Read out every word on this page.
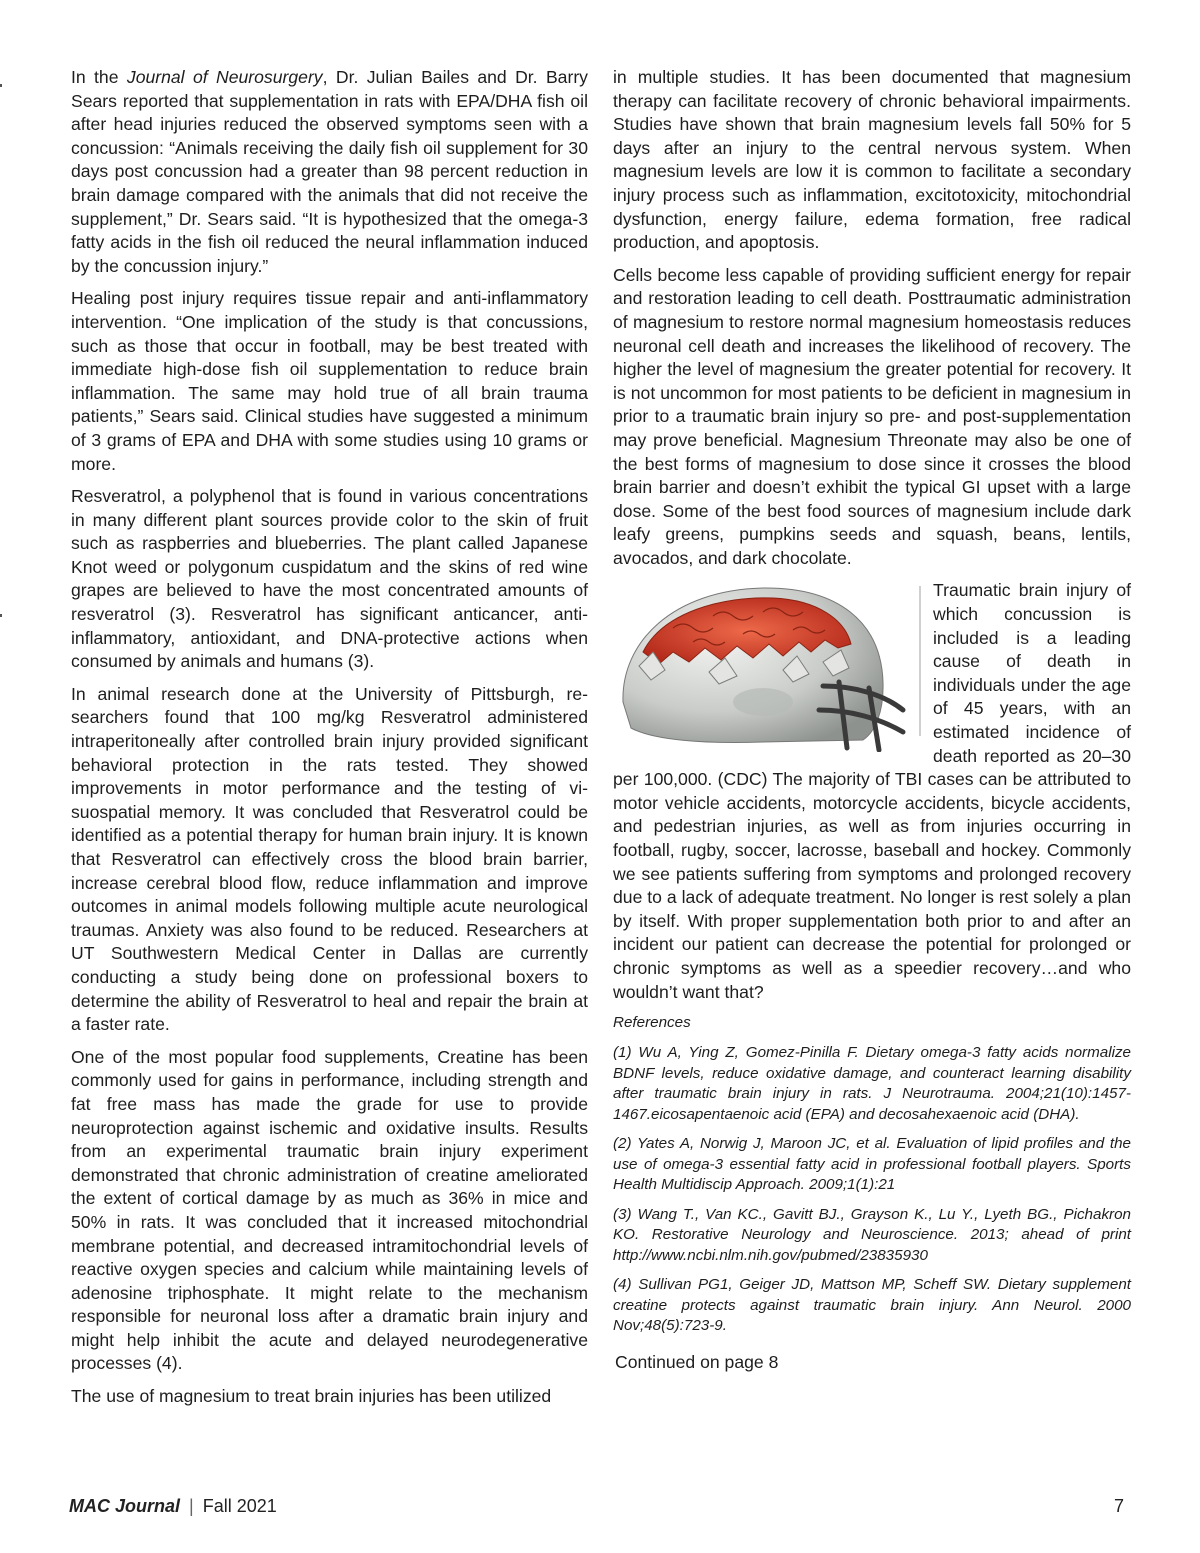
In the Journal of Neurosurgery, Dr. Julian Bailes and Dr. Barry Sears reported that supplementation in rats with EPA/DHA fish oil after head injuries reduced the observed symptoms seen with a concussion: “Animals receiving the daily fish oil supplement for 30 days post concussion had a greater than 98 percent reduction in brain damage compared with the animals that did not receive the supplement,” Dr. Sears said. “It is hypothesized that the omega-3 fatty acids in the fish oil reduced the neural inflammation induced by the concussion injury.”

Healing post injury requires tissue repair and anti-inflammatory intervention. “One implication of the study is that concussions, such as those that occur in football, may be best treated with immediate high-dose fish oil supplementation to reduce brain inflammation. The same may hold true of all brain trauma patients,” Sears said. Clinical studies have suggested a minimum of 3 grams of EPA and DHA with some studies using 10 grams or more.

Resveratrol, a polyphenol that is found in various concentrations in many different plant sources provide color to the skin of fruit such as raspberries and blueberries. The plant called Japanese Knot weed or polygonum cuspidatum and the skins of red wine grapes are believed to have the most concentrated amounts of resveratrol (3). Resveratrol has significant anticancer, anti-inflammatory, antioxidant, and DNA-protective actions when consumed by animals and humans (3).

In animal research done at the University of Pittsburgh, researchers found that 100 mg/kg Resveratrol administered intraperitoneally after controlled brain injury provided significant behavioral protection in the rats tested. They showed improvements in motor performance and the testing of visuospatial memory. It was concluded that Resveratrol could be identified as a potential therapy for human brain injury. It is known that Resveratrol can effectively cross the blood brain barrier, increase cerebral blood flow, reduce inflammation and improve outcomes in animal models following multiple acute neurological traumas. Anxiety was also found to be reduced. Researchers at UT Southwestern Medical Center in Dallas are currently conducting a study being done on professional boxers to determine the ability of Resveratrol to heal and repair the brain at a faster rate.

One of the most popular food supplements, Creatine has been commonly used for gains in performance, including strength and fat free mass has made the grade for use to provide neuroprotection against ischemic and oxidative insults. Results from an experimental traumatic brain injury experiment demonstrated that chronic administration of creatine ameliorated the extent of cortical damage by as much as 36% in mice and 50% in rats. It was concluded that it increased mitochondrial membrane potential, and decreased intramitochondrial levels of reactive oxygen species and calcium while maintaining levels of adenosine triphosphate. It might relate to the mechanism responsible for neuronal loss after a dramatic brain injury and might help inhibit the acute and delayed neurodegenerative processes (4).

The use of magnesium to treat brain injuries has been utilized

in multiple studies. It has been documented that magnesium therapy can facilitate recovery of chronic behavioral impairments. Studies have shown that brain magnesium levels fall 50% for 5 days after an injury to the central nervous system. When magnesium levels are low it is common to facilitate a secondary injury process such as inflammation, excitotoxicity, mitochondrial dysfunction, energy failure, edema formation, free radical production, and apoptosis.

Cells become less capable of providing sufficient energy for repair and restoration leading to cell death. Posttraumatic administration of magnesium to restore normal magnesium homeostasis reduces neuronal cell death and increases the likelihood of recovery. The higher the level of magnesium the greater potential for recovery. It is not uncommon for most patients to be deficient in magnesium in prior to a traumatic brain injury so pre- and post-supplementation may prove beneficial. Magnesium Threonate may also be one of the best forms of magnesium to dose since it crosses the blood brain barrier and doesn’t exhibit the typical GI upset with a large dose. Some of the best food sources of magnesium include dark leafy greens, pumpkins seeds and squash, beans, lentils, avocados, and dark chocolate.

Traumatic brain injury of which concussion is included is a leading cause of death in individuals under the age of 45 years, with an estimated incidence of death reported as 20–30 per 100,000. (CDC) The majority of TBI cases can be attributed to motor vehicle accidents, motorcycle accidents, bicycle accidents, and pedestrian injuries, as well as from injuries occurring in football, rugby, soccer, lacrosse, baseball and hockey. Commonly we see patients suffering from symptoms and prolonged recovery due to a lack of adequate treatment. No longer is rest solely a plan by itself. With proper supplementation both prior to and after an incident our patient can decrease the potential for prolonged or chronic symptoms as well as a speedier recovery…and who wouldn’t want that?

References

(1) Wu A, Ying Z, Gomez-Pinilla F. Dietary omega-3 fatty acids normalize BDNF levels, reduce oxidative damage, and counteract learning disability after traumatic brain injury in rats. J Neurotrauma. 2004;21(10):1457-1467.eicosapentaenoic acid (EPA) and decosahexaenoic acid (DHA).

(2) Yates A, Norwig J, Maroon JC, et al. Evaluation of lipid profiles and the use of omega-3 essential fatty acid in professional football players. Sports Health Multidiscip Approach. 2009;1(1):21

(3) Wang T., Van KC., Gavitt BJ., Grayson K., Lu Y., Lyeth BG., Pichakron KO. Restorative Neurology and Neuroscience. 2013; ahead of print http://www.ncbi.nlm.nih.gov/pubmed/23835930

(4) Sullivan PG1, Geiger JD, Mattson MP, Scheff SW. Dietary supplement creatine protects against traumatic brain injury. Ann Neurol. 2000 Nov;48(5):723-9.

Continued on page 8

MAC Journal | Fall 2021	7
